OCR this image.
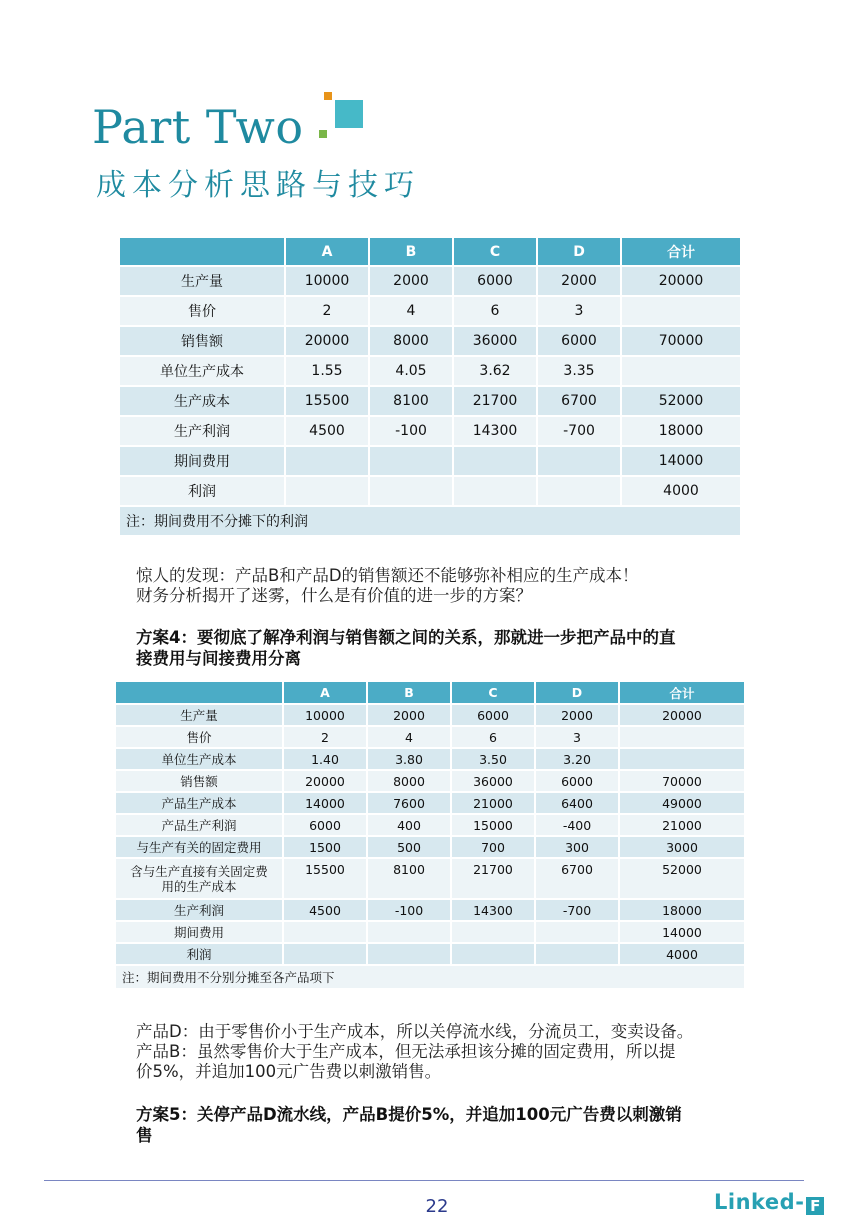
Part Two
成本分析思路与技巧
	A	B	C	D	合计
生产量	10000	2000	6000	2000	20000
售价	2	4	6	3	
销售额	20000	8000	36000	6000	70000
单位生产成本	1.55	4.05	3.62	3.35	
生产成本	15500	8100	21700	6700	52000
生产利润	4500	-100	14300	-700	18000
期间费用					14000
利润					4000
注：期间费用不分摊下的利润					
惊人的发现：产品B和产品D的销售额还不能够弥补相应的生产成本！
财务分析揭开了迷雾，什么是有价值的进一步的方案？
方案4：要彻底了解净利润与销售额之间的关系，那就进一步把产品中的直
接费用与间接费用分离
	A	B	C	D	合计
生产量	10000	2000	6000	2000	20000
售价	2	4	6	3	
单位生产成本	1.40	3.80	3.50	3.20	
销售额	20000	8000	36000	6000	70000
产品生产成本	14000	7600	21000	6400	49000
产品生产利润	6000	400	15000	-400	21000
与生产有关的固定费用	1500	500	700	300	3000

含与生产直接有关固定费
用的生产成本	15500	8100	21700	6700	52000
生产利润	4500	-100	14300	-700	18000
期间费用					14000
利润					4000
注：期间费用不分别分摊至各产品项下					
产品D：由于零售价小于生产成本，所以关停流水线，分流员工，变卖设备。
产品B：虽然零售价大于生产成本，但无法承担该分摊的固定费用，所以提
价5%，并追加100元广告费以刺激销售。
方案5：关停产品D流水线，产品B提价5%，并追加100元广告费以刺激销
售
22	Linked- F
